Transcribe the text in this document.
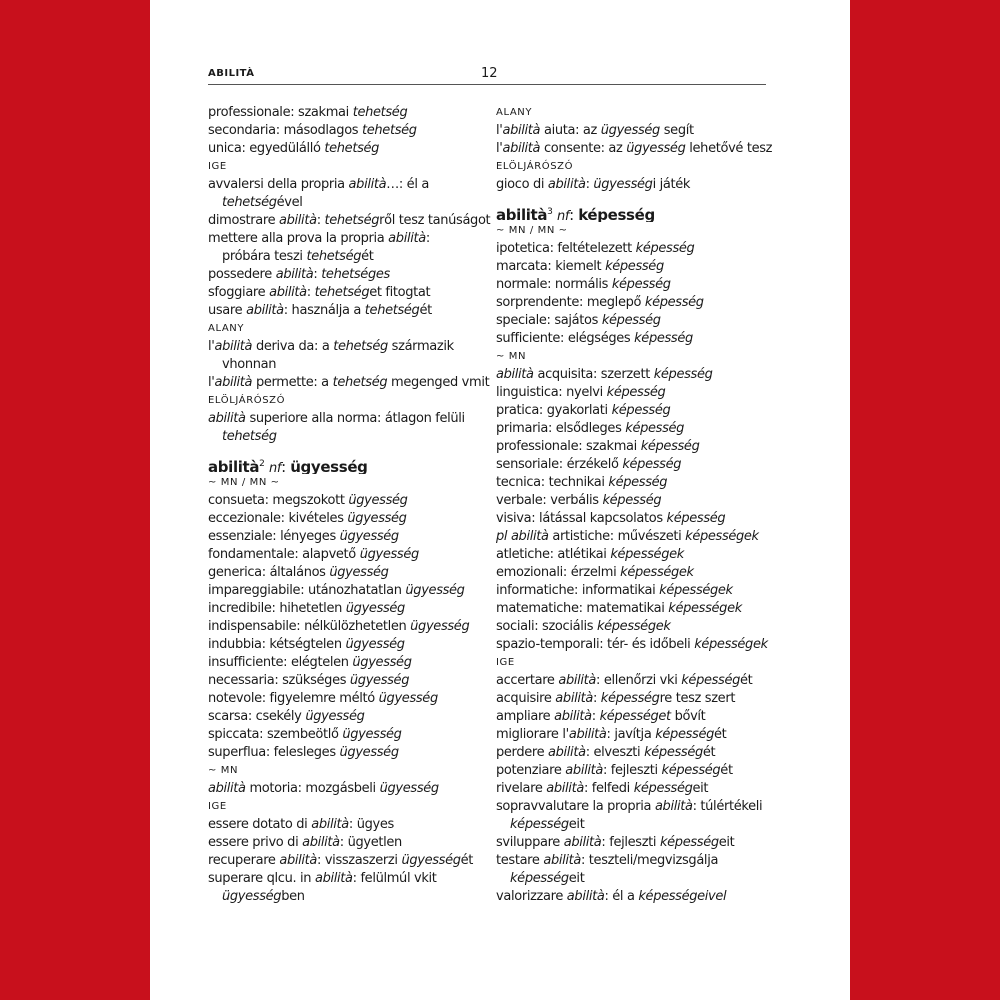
ABILITÀ	12
professionale: szakmai tehetség
secondaria: másodlagos tehetség
unica: egyedülálló tehetség
IGE
avvalersi della propria abilità…: él a
tehetségével
dimostrare abilità: tehetségről tesz tanúságot
mettere alla prova la propria abilità:
próbára teszi tehetségét
possedere abilità: tehetséges
sfoggiare abilità: tehetséget fitogtat
usare abilità: használja a tehetségét
ALANY
l'abilità deriva da: a tehetség származik
vhonnan
l'abilità permette: a tehetség megenged vmit
ELÖLJÁRÓSZÓ
abilità superiore alla norma: átlagon felüli
tehetség
abilità$^2$ nf: ügyesség
~ MN / MN ~
consueta: megszokott ügyesség
eccezionale: kivételes ügyesség
essenziale: lényeges ügyesség
fondamentale: alapvető ügyesség
generica: általános ügyesség
impareggiabile: utánozhatatlan ügyesség
incredibile: hihetetlen ügyesség
indispensabile: nélkülözhetetlen ügyesség
indubbia: kétségtelen ügyesség
insufficiente: elégtelen ügyesség
necessaria: szükséges ügyesség
notevole: figyelemre méltó ügyesség
scarsa: csekély ügyesség
spiccata: szembeötlő ügyesség
superflua: felesleges ügyesség
~ MN
abilità motoria: mozgásbeli ügyesség
IGE
essere dotato di abilità: ügyes
essere privo di abilità: ügyetlen
recuperare abilità: visszaszerzi ügyességét
superare qlcu. in abilità: felülmúl vkit
ügyességben
ALANY
l'abilità aiuta: az ügyesség segít
l'abilità consente: az ügyesség lehetővé tesz
ELÖLJÁRÓSZÓ
gioco di abilità: ügyességi játék
abilità$^3$ nf: képesség
~ MN / MN ~
ipotetica: feltételezett képesség
marcata: kiemelt képesség
normale: normális képesség
sorprendente: meglepő képesség
speciale: sajátos képesség
sufficiente: elégséges képesség
~ MN
abilità acquisita: szerzett képesség
linguistica: nyelvi képesség
pratica: gyakorlati képesség
primaria: elsődleges képesség
professionale: szakmai képesség
sensoriale: érzékelő képesség
tecnica: technikai képesség
verbale: verbális képesség
visiva: látással kapcsolatos képesség
pl abilità artistiche: művészeti képességek
atletiche: atlétikai képességek
emozionali: érzelmi képességek
informatiche: informatikai képességek
matematiche: matematikai képességek
sociali: szociális képességek
spazio-temporali: tér- és időbeli képességek
IGE
accertare abilità: ellenőrzi vki képességét
acquisire abilità: képességre tesz szert
ampliare abilità: képességet bővít
migliorare l'abilità: javítja képességét
perdere abilità: elveszti képességét
potenziare abilità: fejleszti képességét
rivelare abilità: felfedi képességeit
sopravvalutare la propria abilità: túlértékeli
képességeit
sviluppare abilità: fejleszti képességeit
testare abilità: teszteli/megvizsgálja
képességeit
valorizzare abilità: él a képességeivel
